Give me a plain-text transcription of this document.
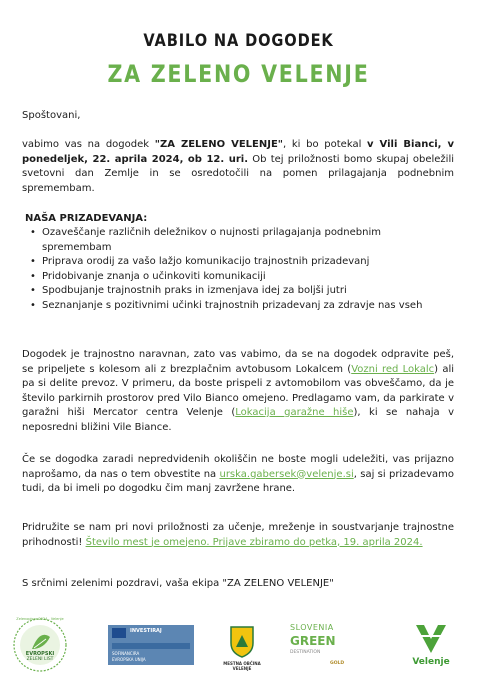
VABILO NA DOGODEK
ZA ZELENO VELENJE
Spoštovani,
vabimo vas na dogodek "ZA ZELENO VELENJE", ki bo potekal v Vili Bianci, v ponedeljek, 22. aprila 2024, ob 12. uri. Ob tej priložnosti bomo skupaj obeležili svetovni dan Zemlje in se osredotočili na pomen prilagajanja podnebnim spremembam.
NAŠA PRIZADEVANJA:
• Ozaveščanje različnih deležnikov o nujnosti prilagajanja podnebnim spremembam
• Priprava orodij za vašo lažjo komunikacijo trajnostnih prizadevanj
• Pridobivanje znanja o učinkoviti komunikaciji
• Spodbujanje trajnostnih praks in izmenjava idej za boljši jutri
• Seznanjanje s pozitivnimi učinki trajnostnih prizadevanj za zdravje nas vseh
Dogodek je trajnostno naravnan, zato vas vabimo, da se na dogodek odpravite peš, se pripeljete s kolesom ali z brezplačnim avtobusom Lokalcem (Vozni red Lokalc) ali pa si delite prevoz. V primeru, da boste prispeli z avtomobilom vas obveščamo, da je število parkirnih prostorov pred Vilo Bianco omejeno. Predlagamo vam, da parkirate v garažni hiši Mercator centra Velenje (Lokacija garažne hiše), ki se nahaja v neposredni bližini Vile Biance.
Če se dogodka zaradi nepredvidenih okoliščin ne boste mogli udeležiti, vas prijazno naprošamo, da nas o tem obvestite na urska.gabersek@velenje.si, saj si prizadevamo tudi, da bi imeli po dogodku čim manj zavržene hrane.
Pridružite se nam pri novi priložnosti za učenje, mreženje in soustvarjanje trajnostne prihodnosti! Število mest je omejeno. Prijave zbiramo do petka, 19. aprila 2024.
S srčnimi zelenimi pozdravi, vaša ekipa "ZA ZELENO VELENJE"
EVROPSKI
ZELENI LIST
Zelenopisec 2024 - Velenje
INVESTIRAJ
SOFINANCIRA
EVROPSKA UNIJA
MESTNA OBČINA VELENJE
SLOVENIA
GREEN
DESTINATION
GOLD	Velenje
